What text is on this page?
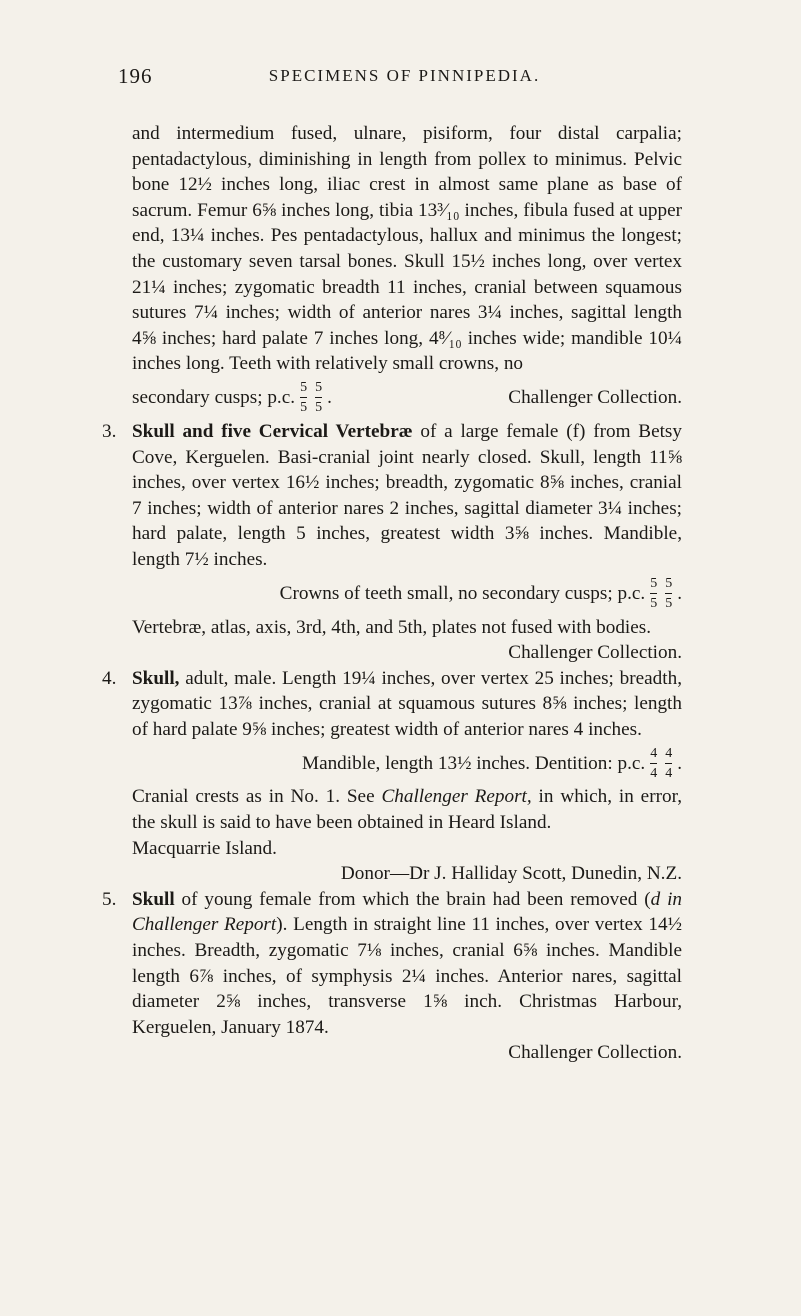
196	SPECIMENS OF PINNIPEDIA.

and intermedium fused, ulnare, pisiform, four distal carpalia; pentadactylous, diminishing in length from pollex to minimus. Pelvic bone 12½ inches long, iliac crest in almost same plane as base of sacrum. Femur 6⅝ inches long, tibia 13³⁄₁₀ inches, fibula fused at upper end, 13¼ inches. Pes pentadactylous, hallux and minimus the longest; the customary seven tarsal bones. Skull 15½ inches long, over vertex 21¼ inches; zygomatic breadth 11 inches, cranial between squamous sutures 7¼ inches; width of anterior nares 3¼ inches, sagittal length 4⅝ inches; hard palate 7 inches long, 4⁸⁄₁₀ inches wide; mandible 10¼ inches long. Teeth with relatively small crowns, no

secondary cusps; p.c. $\frac{5}{5} \frac{5}{5}$ .	Challenger Collection.

3. Skull and five Cervical Vertebræ of a large female (f) from Betsy Cove, Kerguelen. Basi-cranial joint nearly closed. Skull, length 11⅝ inches, over vertex 16½ inches; breadth, zygomatic 8⅝ inches, cranial 7 inches; width of anterior nares 2 inches, sagittal diameter 3¼ inches; hard palate, length 5 inches, greatest width 3⅝ inches. Mandible, length 7½ inches.

Crowns of teeth small, no secondary cusps; p.c. $\frac{5}{5} \frac{5}{5}$ .

Vertebræ, atlas, axis, 3rd, 4th, and 5th, plates not fused with bodies.

Challenger Collection.

4. Skull, adult, male. Length 19¼ inches, over vertex 25 inches; breadth, zygomatic 13⅞ inches, cranial at squamous sutures 8⅝ inches; length of hard palate 9⅝ inches; greatest width of anterior nares 4 inches.

Mandible, length 13½ inches. Dentition: p.c. $\frac{4}{4} \frac{4}{4}$ .

Cranial crests as in No. 1. See Challenger Report, in which, in error, the skull is said to have been obtained in Heard Island.

Macquarrie Island.

Donor—Dr J. Halliday Scott, Dunedin, N.Z.

5. Skull of young female from which the brain had been removed (d in Challenger Report). Length in straight line 11 inches, over vertex 14½ inches. Breadth, zygomatic 7⅛ inches, cranial 6⅝ inches. Mandible length 6⅞ inches, of symphysis 2¼ inches. Anterior nares, sagittal diameter 2⅝ inches, transverse 1⅝ inch. Christmas Harbour, Kerguelen, January 1874.

Challenger Collection.
